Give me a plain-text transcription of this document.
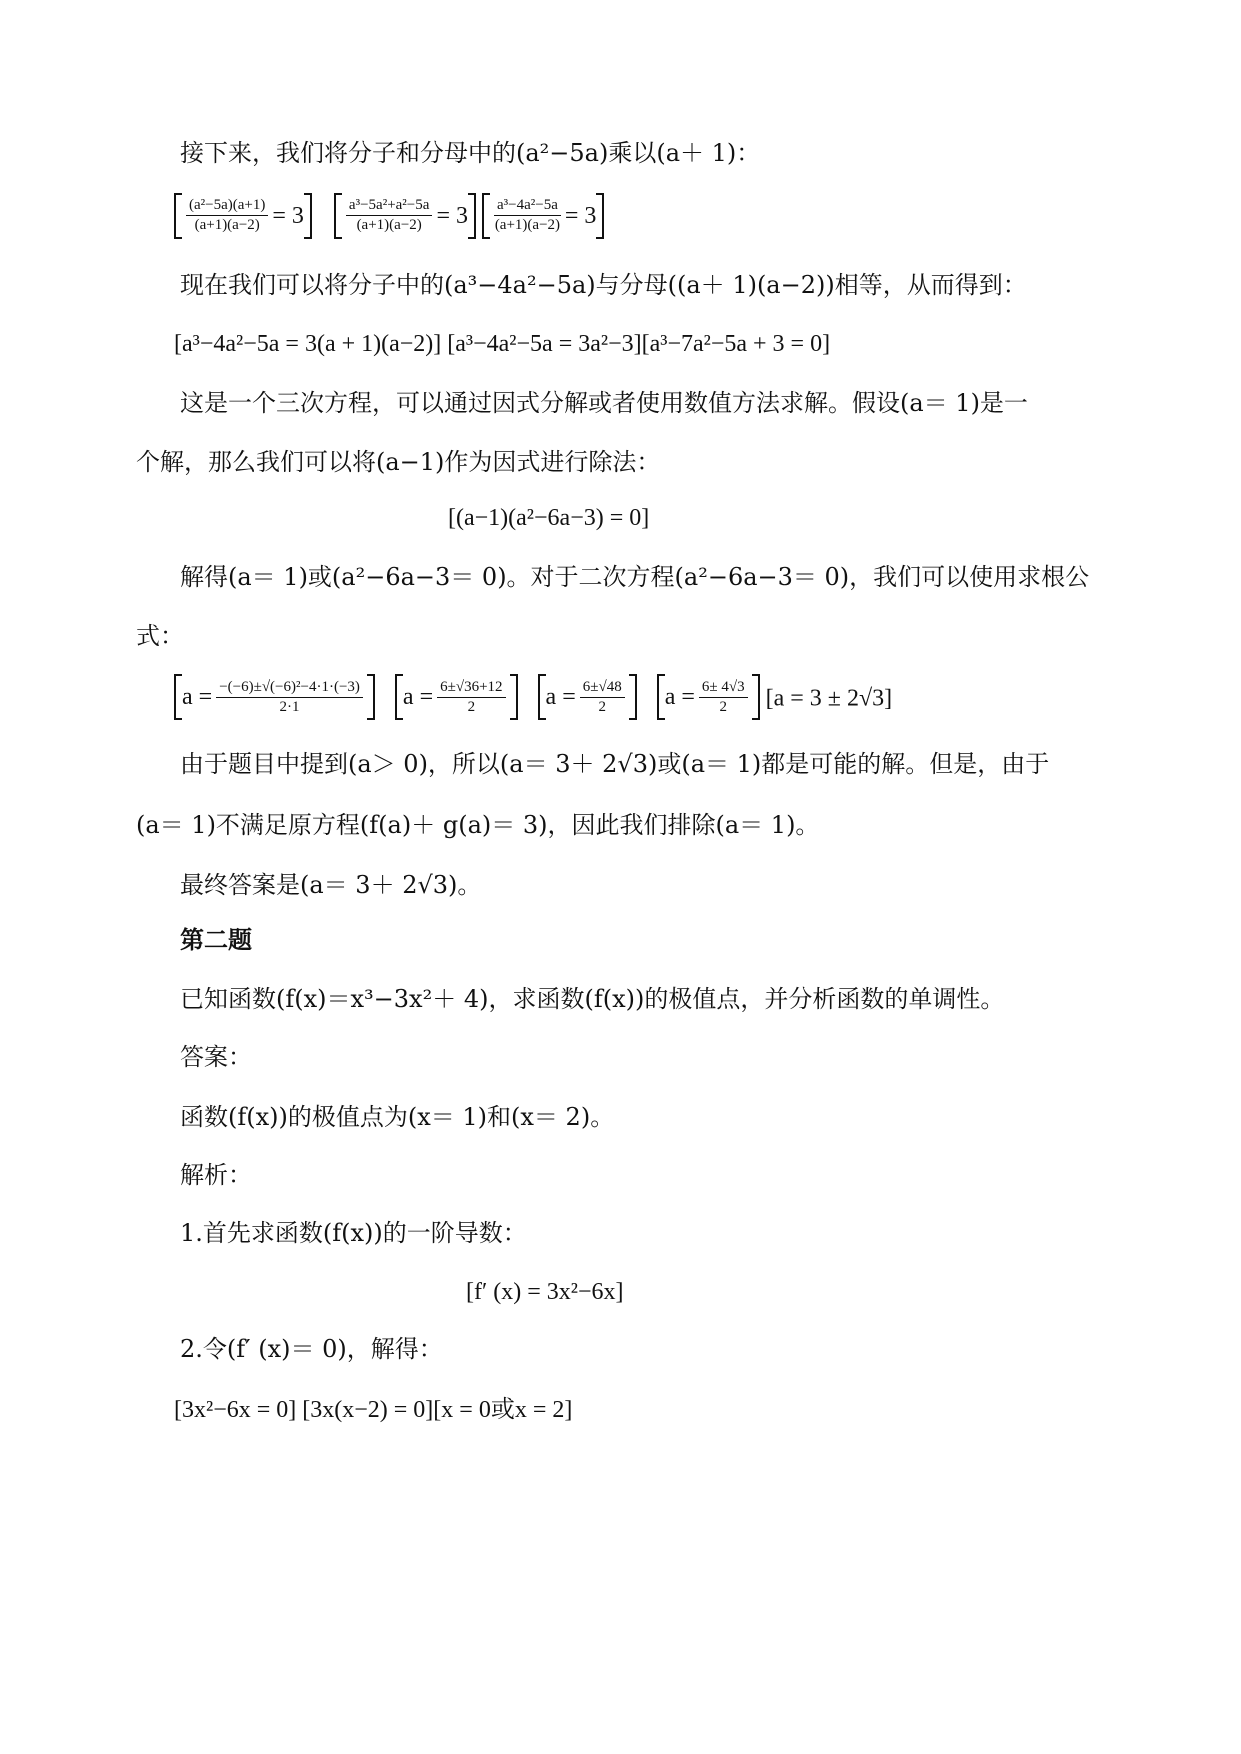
接下来，我们将分子和分母中的(a²−5a)乘以(a＋ 1)：
$\frac{\text{(a²−5a)(a+1)}}{(a+1)(a-2)} = 3$
	$\frac{\text{a³−5a²+a²−5a}}{(a+1)(a-2)} = 3$
$\frac{\text{a³−4a²−5a}}{(a+1)(a-2)} = 3$
现在我们可以将分子中的(a³−4a²−5a)与分母((a＋ 1)(a−2))相等，从而得到：
[a³−4a²−5a = 3(a + 1)(a−2)] [a³−4a²−5a = 3a²−3][a³−7a²−5a + 3 = 0]
这是一个三次方程，可以通过因式分解或者使用数值方法求解。假设(a＝ 1)是一
个解，那么我们可以将(a−1)作为因式进行除法：
[(a−1)(a²−6a−3) = 0]
解得(a＝ 1)或(a²−6a−3＝ 0)。对于二次方程(a²−6a−3＝ 0)，我们可以使用求根公
式：
$a = \frac{\text{−(−6)±√(−6)²−4·1·(−3)}}{2\cdot 1}$
$a = \frac{6\pm√36+12}{2}$
$a = \frac{6\pm√48}{2}$
$a = \frac{6\pm 4√3}{2} [a = 3 \pm 2√3]$
由于题目中提到(a＞ 0)，所以(a＝ 3＋ 2√3)或(a＝ 1)都是可能的解。但是，由于
(a＝ 1)不满足原方程(f(a)＋ g(a)＝ 3)，因此我们排除(a＝ 1)。
最终答案是(a＝ 3＋ 2√3)。
第二题
已知函数(f(x)＝x³−3x²＋ 4)，求函数(f(x))的极值点，并分析函数的单调性。
答案：
函数(f(x))的极值点为(x＝ 1)和(x＝ 2)。
解析：
1.首先求函数(f(x))的一阶导数：
[f′ (x) = 3x²−6x]
2.令(f′ (x)＝ 0)，解得：
[3x²−6x = 0] [3x(x−2) = 0][x = 0或x = 2]
